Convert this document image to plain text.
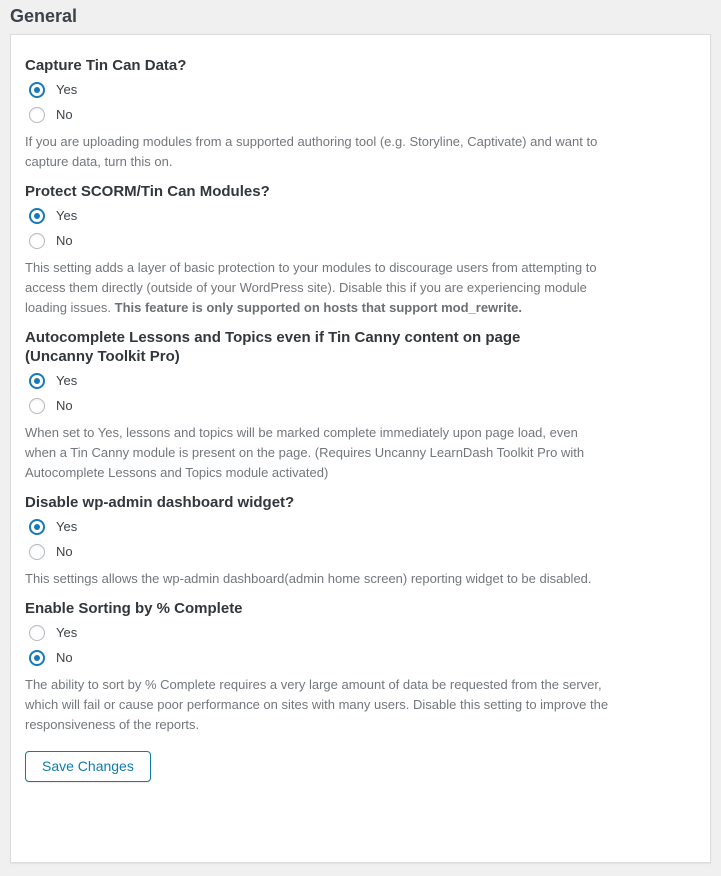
General
Capture Tin Can Data?
Yes
No

If you are uploading modules from a supported authoring tool (e.g. Storyline, Captivate) and want to capture data, turn this on.

Protect SCORM/Tin Can Modules?
Yes
No

This setting adds a layer of basic protection to your modules to discourage users from attempting to access them directly (outside of your WordPress site). Disable this if you are experiencing module loading issues. This feature is only supported on hosts that support mod_rewrite.

Autocomplete Lessons and Topics even if Tin Canny content on page (Uncanny Toolkit Pro)
Yes
No

When set to Yes, lessons and topics will be marked complete immediately upon page load, even when a Tin Canny module is present on the page. (Requires Uncanny LearnDash Toolkit Pro with Autocomplete Lessons and Topics module activated)

Disable wp-admin dashboard widget?
Yes
No

This settings allows the wp-admin dashboard(admin home screen) reporting widget to be disabled.

Enable Sorting by % Complete
Yes
No

The ability to sort by % Complete requires a very large amount of data be requested from the server, which will fail or cause poor performance on sites with many users. Disable this setting to improve the responsiveness of the reports.

Save Changes
